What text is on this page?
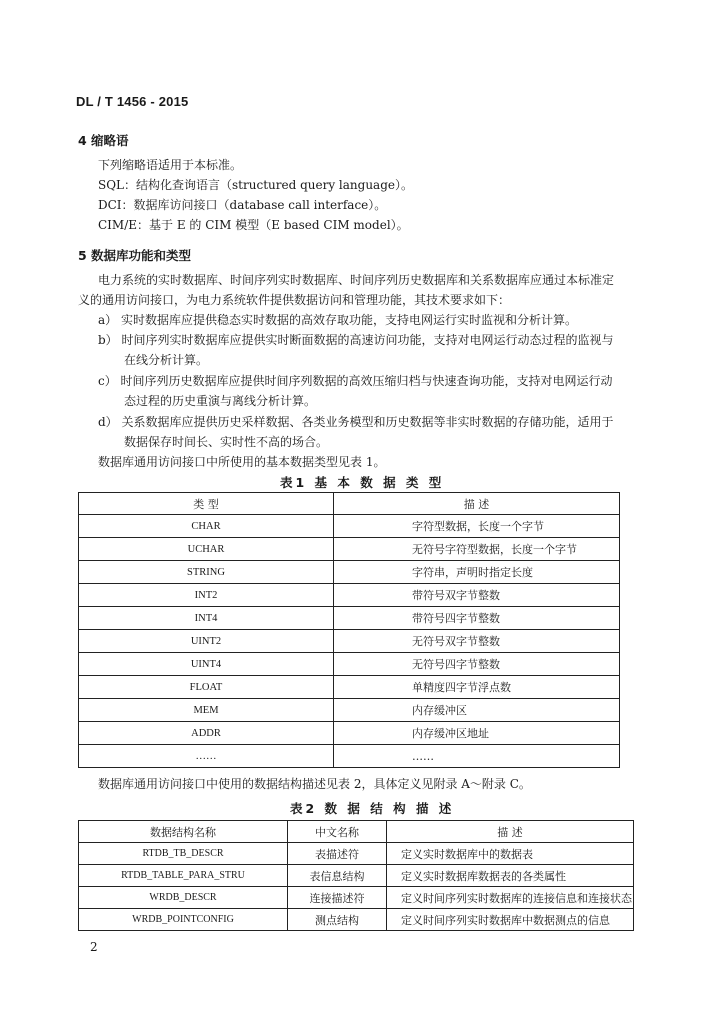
DL / T 1456 - 2015
4 缩略语
下列缩略语适用于本标准。
SQL：结构化查询语言（structured query language）。
DCI：数据库访问接口（database call interface）。
CIM/E：基于 E 的 CIM 模型（E based CIM model）。
5 数据库功能和类型
电力系统的实时数据库、时间序列实时数据库、时间序列历史数据库和关系数据库应通过本标准定
义的通用访问接口，为电力系统软件提供数据访问和管理功能，其技术要求如下：
a） 实时数据库应提供稳态实时数据的高效存取功能，支持电网运行实时监视和分析计算。
b） 时间序列实时数据库应提供实时断面数据的高速访问功能，支持对电网运行动态过程的监视与
在线分析计算。
c） 时间序列历史数据库应提供时间序列数据的高效压缩归档与快速查询功能，支持对电网运行动
态过程的历史重演与离线分析计算。
d） 关系数据库应提供历史采样数据、各类业务模型和历史数据等非实时数据的存储功能，适用于
数据保存时间长、实时性不高的场合。
数据库通用访问接口中所使用的基本数据类型见表 1。
表1 基 本 数 据 类 型
类 型	描 述
CHAR	字符型数据，长度一个字节
UCHAR	无符号字符型数据，长度一个字节
STRING	字符串，声明时指定长度
INT2	带符号双字节整数
INT4	带符号四字节整数
UINT2	无符号双字节整数
UINT4	无符号四字节整数
FLOAT	单精度四字节浮点数
MEM	内存缓冲区
ADDR	内存缓冲区地址
……	……
数据库通用访问接口中使用的数据结构描述见表 2，具体定义见附录 A～附录 C。
表2 数 据 结 构 描 述
数据结构名称	中文名称	描 述
RTDB_TB_DESCR	表描述符	定义实时数据库中的数据表
RTDB_TABLE_PARA_STRU	表信息结构	定义实时数据库数据表的各类属性
WRDB_DESCR	连接描述符	定义时间序列实时数据库的连接信息和连接状态
WRDB_POINTCONFIG	测点结构	定义时间序列实时数据库中数据测点的信息
2
